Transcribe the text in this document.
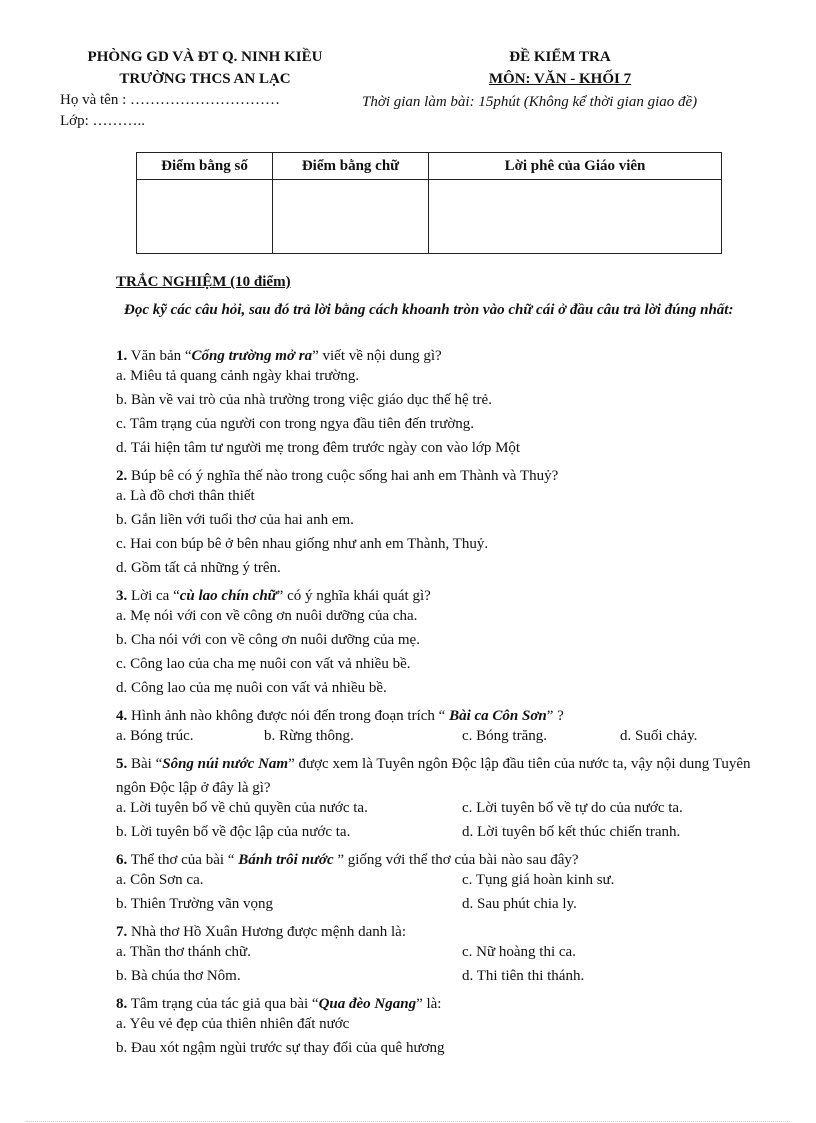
PHÒNG GD VÀ ĐT Q. NINH KIỀU
TRƯỜNG THCS AN LẠC
ĐỀ KIỂM TRA
MÔN: VĂN - KHỐI 7
Họ và tên : …………………………
Lớp: ………..
Thời gian làm bài: 15phút (Không kể thời gian giao đề)
Điểm bằng số	Điểm bằng chữ	Lời phê của Giáo viên

TRẮC NGHIỆM (10 điểm)
Đọc kỹ các câu hỏi, sau đó trả lời bằng cách khoanh tròn vào chữ cái ở đầu câu trả lời đúng nhất:
1. Văn bản “Cổng trường mở ra” viết về nội dung gì?
a. Miêu tả quang cảnh ngày khai trường.
b. Bàn về vai trò của nhà trường trong việc giáo dục thế hệ trẻ.
c. Tâm trạng của người con trong ngya đầu tiên đến trường.
d. Tái hiện tâm tư người mẹ trong đêm trước ngày con vào lớp Một
2. Búp bê có ý nghĩa thế nào trong cuộc sống hai anh em Thành và Thuỷ?
a. Là đồ chơi thân thiết
b. Gắn liền với tuổi thơ của hai anh em.
c. Hai con búp bê ở bên nhau giống như anh em Thành, Thuỷ.
d. Gồm tất cả những ý trên.
3. Lời ca “cù lao chín chữ” có ý nghĩa khái quát gì?
a. Mẹ nói với con về công ơn nuôi dưỡng của cha.
b. Cha nói với con về công ơn nuôi dưỡng của mẹ.
c. Công lao của cha mẹ nuôi con vất vả nhiều bề.
d. Công lao của mẹ nuôi con vất vả nhiều bề.
4. Hình ảnh nào không được nói đến trong đoạn trích “ Bài ca Côn Sơn” ?
a. Bóng trúc.	b. Rừng thông.	c. Bóng trăng.	d. Suối chảy.
5. Bài “Sông núi nước Nam” được xem là Tuyên ngôn Độc lập đầu tiên của nước ta, vậy nội dung Tuyên ngôn Độc lập ở đây là gì?
a. Lời tuyên bố về chủ quyền của nước ta.	c. Lời tuyên bố về tự do của nước ta.
b. Lời tuyên bố về độc lập của nước ta.	d. Lời tuyên bố kết thúc chiến tranh.
6. Thể thơ của bài “ Bánh trôi nước ” giống với thể thơ của bài nào sau đây?
a. Côn Sơn ca.	c. Tụng giá hoàn kinh sư.
b. Thiên Trường vãn vọng	d. Sau phút chia ly.
7. Nhà thơ Hồ Xuân Hương được mệnh danh là:
a. Thần thơ thánh chữ.	c. Nữ hoàng thi ca.
b. Bà chúa thơ Nôm.	d. Thi tiên thi thánh.
8. Tâm trạng của tác giả qua bài “Qua đèo Ngang” là:
a. Yêu vẻ đẹp của thiên nhiên đất nước
b. Đau xót ngậm ngùi trước sự thay đổi của quê hương
